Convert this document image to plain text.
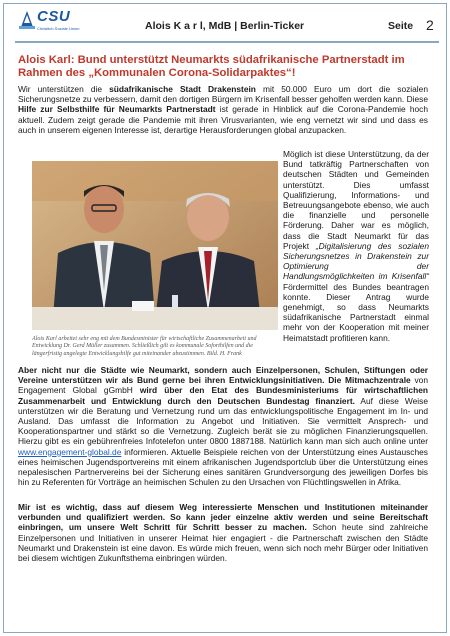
CSU
Christlich-Soziale Union	Alois K a r l, MdB | Berlin-Ticker	Seite 2
Alois Karl: Bund unterstützt Neumarkts südafrikanische Partnerstadt im Rahmen des „Kommunalen Corona-Solidarpaktes“!
Wir unterstützen die südafrikanische Stadt Drakenstein mit 50.000 Euro um dort die sozialen Sicherungsnetze zu verbessern, damit den dortigen Bürgern im Krisenfall besser geholfen werden kann. Diese Hilfe zur Selbsthilfe für Neumarkts Partnerstadt ist gerade in Hinblick auf die Corona-Pandemie hoch aktuell. Zudem zeigt gerade die Pandemie mit ihren Virusvarianten, wie eng vernetzt wir sind und dass es auch in unserem eigenen Interesse ist, derartige Herausforderungen global anzupacken.
Alois Karl arbeitet sehr eng mit dem Bundesminister für wirtschaftliche Zusammenarbeit und Entwicklung Dr. Gerd Müller zusammen. Schließlich gilt es kommunale Soforthilfen und die längerfristig angelegte Entwicklungshilfe gut miteinander abzustimmen. Bild. H. Frank
Möglich ist diese Unterstützung, da der Bund tatkräftig Partnerschaften von deutschen Städten und Gemeinden unterstützt. Dies umfasst Qualifizierung, Informations- und Betreuungsangebote ebenso, wie auch die finanzielle und personelle Förderung. Daher war es möglich, dass die Stadt Neumarkt für das Projekt „Digitalisierung des sozialen Sicherungsnetzes in Drakenstein zur Optimierung der Handlungsmöglichkeiten im Krisenfall“ Fördermittel des Bundes beantragen konnte. Dieser Antrag wurde genehmigt, so dass Neumarkts südafrikanische Partnerstadt einmal mehr von der Kooperation mit meiner Heimatstadt profitieren kann.
Aber nicht nur die Städte wie Neumarkt, sondern auch Einzelpersonen, Schulen, Stiftungen oder Vereine unterstützen wir als Bund gerne bei ihren Entwicklungsinitiativen. Die Mitmachzentrale von Engagement Global gGmbH wird über den Etat des Bundesministeriums für wirtschaftlichen Zusammenarbeit und Entwicklung durch den Deutschen Bundestag finanziert. Auf diese Weise unterstützen wir die Beratung und Vernetzung rund um das entwicklungspolitische Engagement im In- und Ausland. Das umfasst die Information zu Angebot und Initiativen. Sie vermittelt Ansprech- und Kooperationspartner und stärkt so die Vernetzung. Zugleich berät sie zu möglichen Finanzierungsquellen. Hierzu gibt es ein gebührenfreies Infotelefon unter 0800 1887188. Natürlich kann man sich auch online unter www.engagement-global.de informieren. Aktuelle Beispiele reichen von der Unterstützung eines Austausches eines heimischen Jugendsportvereins mit einem afrikanischen Jugendsportclub über die Unterstützung eines nepalesischen Partnervereins bei der Sicherung eines sanitären Grundversorgung des jeweiligen Dorfes bis hin zu Referenten für Vorträge an heimischen Schulen zu den Ursachen von Flüchtlingswellen in Afrika.
Mir ist es wichtig, dass auf diesem Weg interessierte Menschen und Institutionen miteinander verbunden und qualifiziert werden. So kann jeder einzelne aktiv werden und seine Bereitschaft einbringen, um unsere Welt Schritt für Schritt besser zu machen. Schon heute sind zahlreiche Einzelpersonen und Initiativen in unserer Heimat hier engagiert - die Partnerschaft zwischen den Städte Neumarkt und Drakenstein ist eine davon. Es würde mich freuen, wenn sich noch mehr Bürger oder Initiativen bei diesem wichtigen Zukunftsthema einbringen würden.
